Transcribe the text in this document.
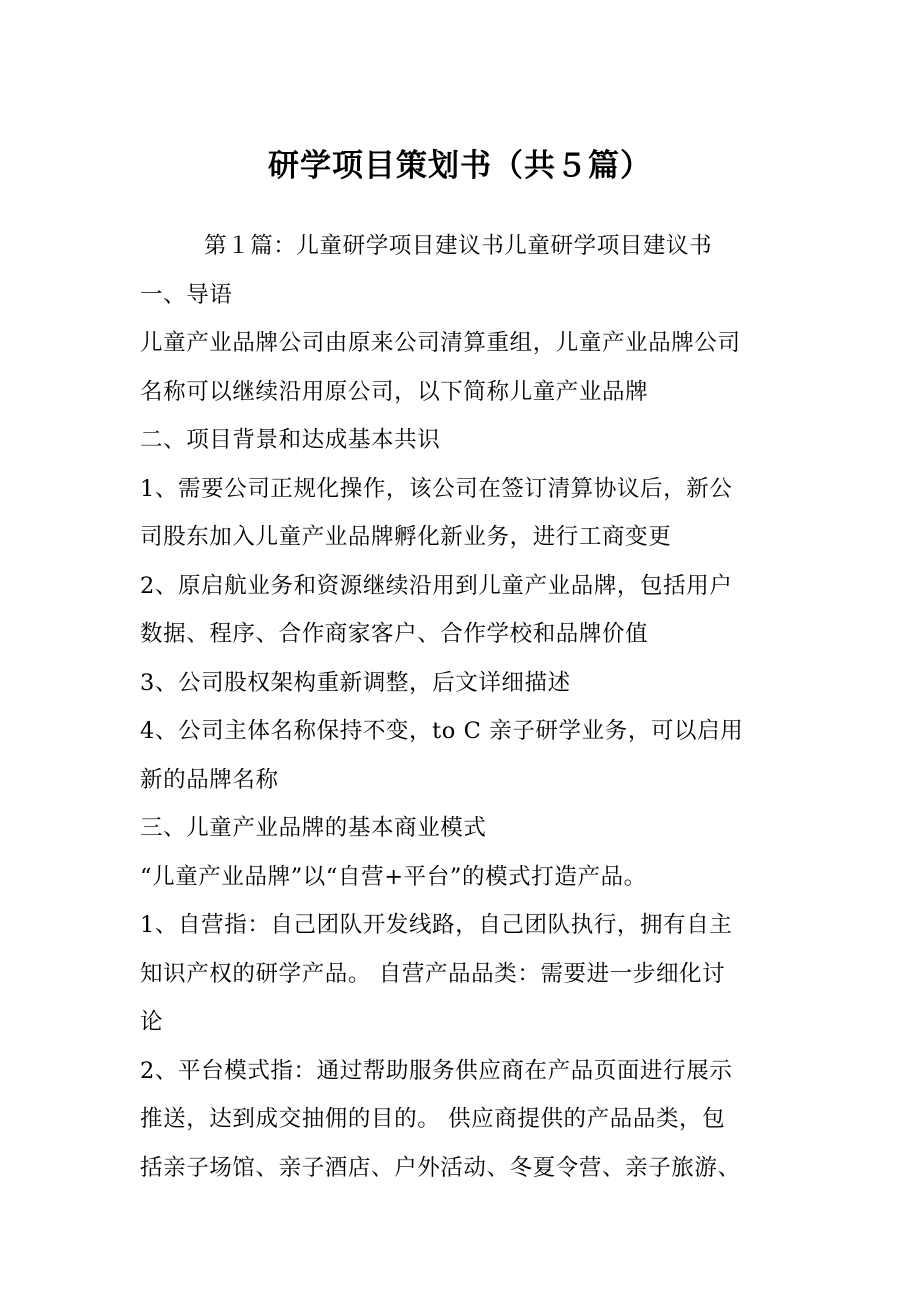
研学项目策划书（共５篇）
第１篇：儿童研学项目建议书儿童研学项目建议书
一、导语
儿童产业品牌公司由原来公司清算重组，儿童产业品牌公司
名称可以继续沿用原公司，以下简称儿童产业品牌
二、项目背景和达成基本共识
1、需要公司正规化操作，该公司在签订清算协议后，新公
司股东加入儿童产业品牌孵化新业务，进行工商变更
2、原启航业务和资源继续沿用到儿童产业品牌，包括用户
数据、程序、合作商家客户、合作学校和品牌价值
3、公司股权架构重新调整，后文详细描述
4、公司主体名称保持不变，to C 亲子研学业务，可以启用
新的品牌名称
三、儿童产业品牌的基本商业模式
“儿童产业品牌”以“自营+平台”的模式打造产品。
1、自营指：自己团队开发线路，自己团队执行，拥有自主
知识产权的研学产品。 自营产品品类：需要进一步细化讨
论
2、平台模式指：通过帮助服务供应商在产品页面进行展示
推送，达到成交抽佣的目的。 供应商提供的产品品类，包
括亲子场馆、亲子酒店、户外活动、冬夏令营、亲子旅游、
